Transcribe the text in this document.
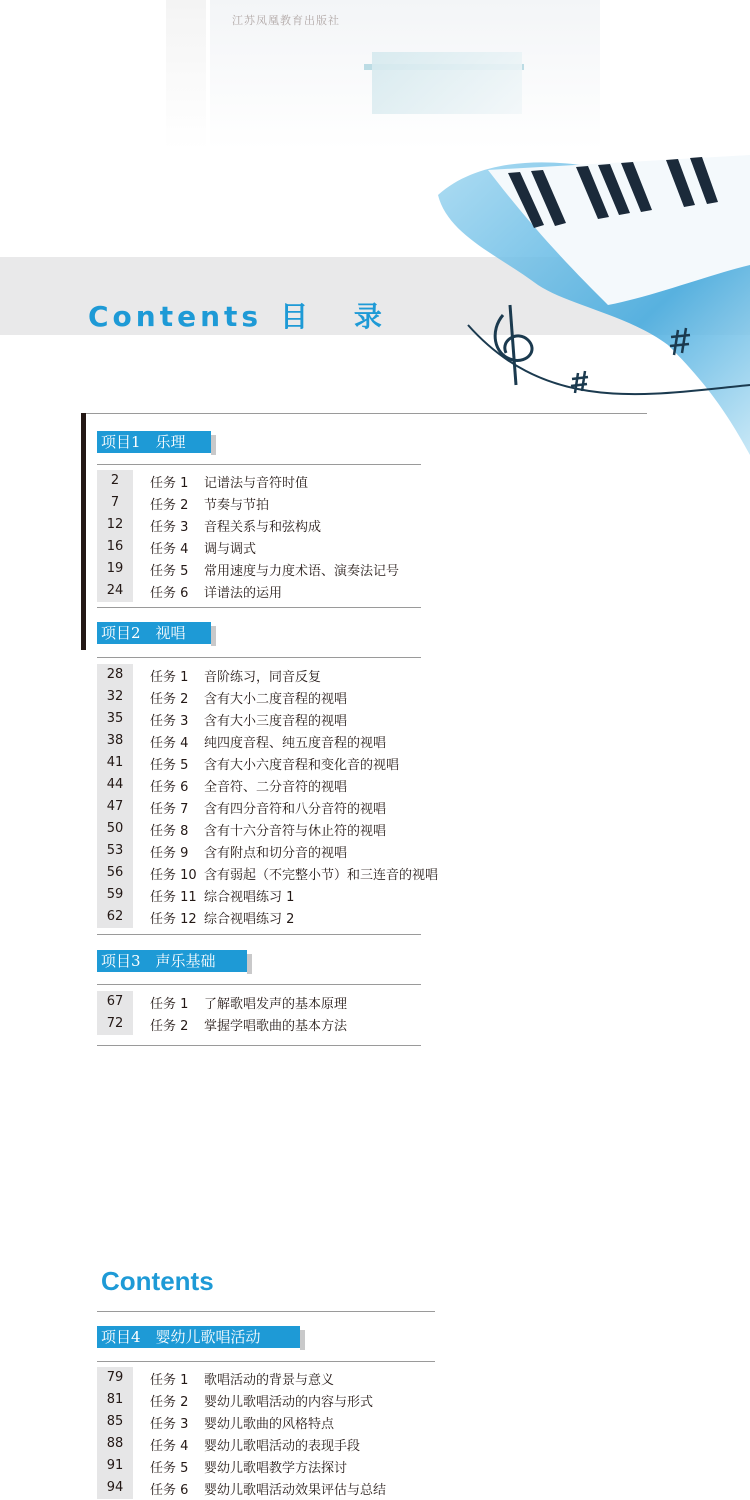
江苏凤凰教育出版社
Contents 目 录
项目1　乐理
2	任务 1	记谱法与音符时值
7	任务 2	节奏与节拍
12	任务 3	音程关系与和弦构成
16	任务 4	调与调式
19	任务 5	常用速度与力度术语、演奏法记号
24	任务 6	详谱法的运用
项目2　视唱
28	任务 1	音阶练习，同音反复
32	任务 2	含有大小二度音程的视唱
35	任务 3	含有大小三度音程的视唱
38	任务 4	纯四度音程、纯五度音程的视唱
41	任务 5	含有大小六度音程和变化音的视唱
44	任务 6	全音符、二分音符的视唱
47	任务 7	含有四分音符和八分音符的视唱
50	任务 8	含有十六分音符与休止符的视唱
53	任务 9	含有附点和切分音的视唱
56	任务 10 含有弱起（不完整小节）和三连音的视唱
59	任务 11 综合视唱练习 1
62	任务 12 综合视唱练习 2
项目3　声乐基础
67	任务 1	了解歌唱发声的基本原理
72	任务 2	掌握学唱歌曲的基本方法
Contents
项目4　婴幼儿歌唱活动
79	任务 1	歌唱活动的背景与意义
81	任务 2	婴幼儿歌唱活动的内容与形式
85	任务 3	婴幼儿歌曲的风格特点
88	任务 4	婴幼儿歌唱活动的表现手段
91	任务 5	婴幼儿歌唱教学方法探讨
94	任务 6	婴幼儿歌唱活动效果评估与总结
